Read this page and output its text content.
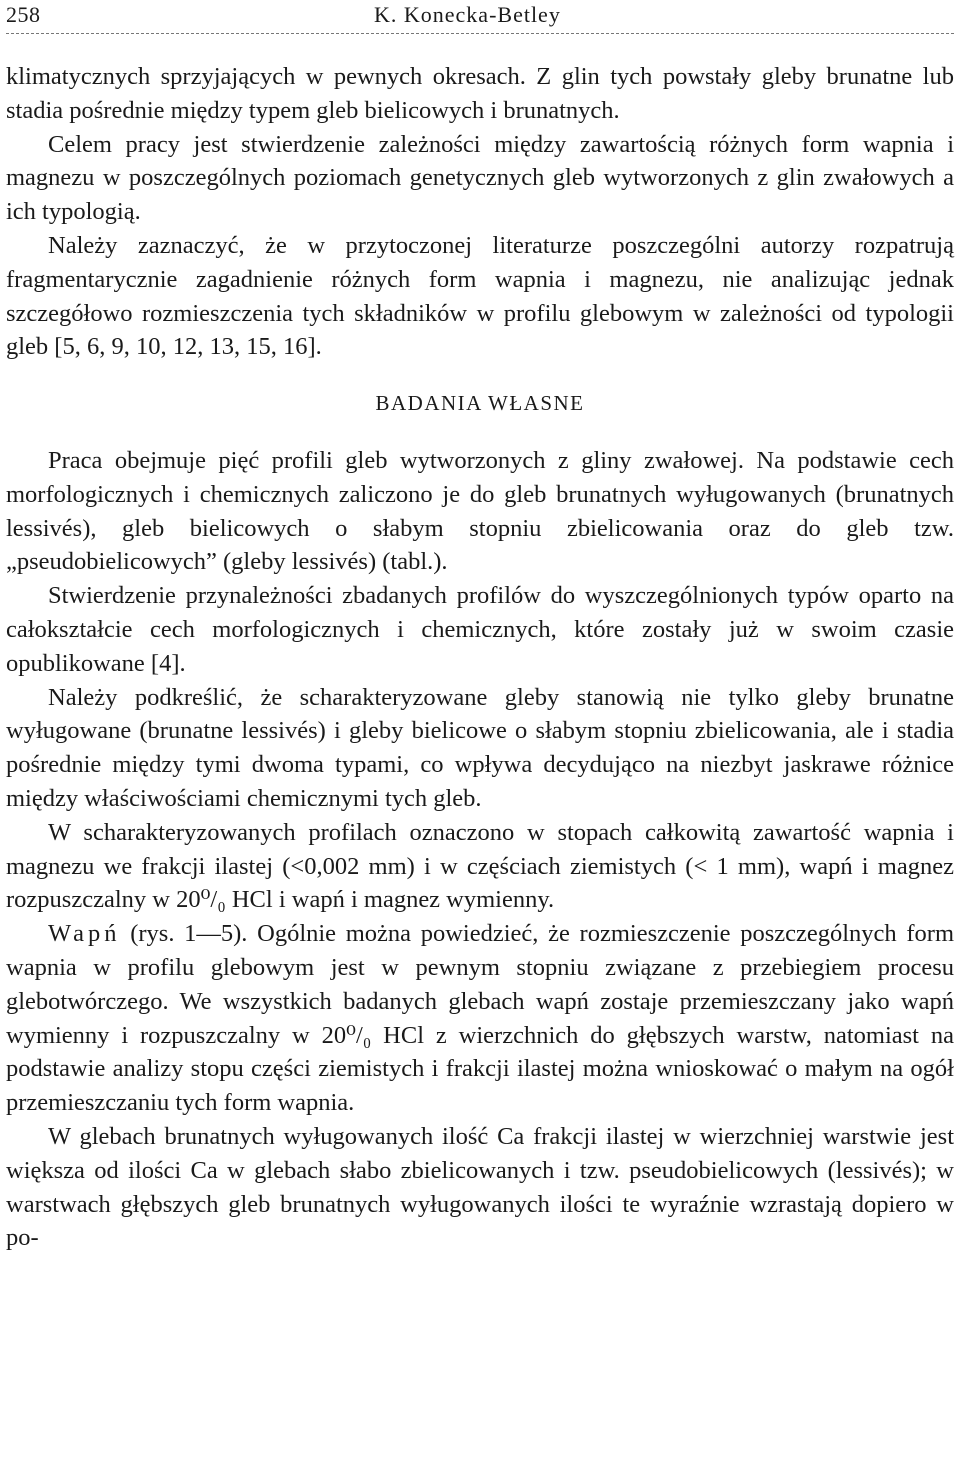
258	K. Konecka-Betley

klimatycznych sprzyjających w pewnych okresach. Z glin tych powstały gleby brunatne lub stadia pośrednie między typem gleb bielicowych i brunatnych.

Celem pracy jest stwierdzenie zależności między zawartością różnych form wapnia i magnezu w poszczególnych poziomach genetycznych gleb wytworzonych z glin zwałowych a ich typologią.

Należy zaznaczyć, że w przytoczonej literaturze poszczególni autorzy rozpatrują fragmentarycznie zagadnienie różnych form wapnia i magnezu, nie analizując jednak szczegółowo rozmieszczenia tych składników w profilu glebowym w zależności od typologii gleb [5, 6, 9, 10, 12, 13, 15, 16].

BADANIA WŁASNE

Praca obejmuje pięć profili gleb wytworzonych z gliny zwałowej. Na podstawie cech morfologicznych i chemicznych zaliczono je do gleb brunatnych wyługowanych (brunatnych lessivés), gleb bielicowych o słabym stopniu zbielicowania oraz do gleb tzw. „pseudobielicowych” (gleby lessivés) (tabl.).

Stwierdzenie przynależności zbadanych profilów do wyszczególnionych typów oparto na całokształcie cech morfologicznych i chemicznych, które zostały już w swoim czasie opublikowane [4].

Należy podkreślić, że scharakteryzowane gleby stanowią nie tylko gleby brunatne wyługowane (brunatne lessivés) i gleby bielicowe o słabym stopniu zbielicowania, ale i stadia pośrednie między tymi dwoma typami, co wpływa decydująco na niezbyt jaskrawe różnice między właściwościami chemicznymi tych gleb.

W scharakteryzowanych profilach oznaczono w stopach całkowitą zawartość wapnia i magnezu we frakcji ilastej (<0,002 mm) i w częściach ziemistych (< 1 mm), wapń i magnez rozpuszczalny w 20⁰/₀ HCl i wapń i magnez wymienny.

Wapń (rys. 1—5). Ogólnie można powiedzieć, że rozmieszczenie poszczególnych form wapnia w profilu glebowym jest w pewnym stopniu związane z przebiegiem procesu glebotwórczego. We wszystkich badanych glebach wapń zostaje przemieszczany jako wapń wymienny i rozpuszczalny w 20⁰/₀ HCl z wierzchnich do głębszych warstw, natomiast na podstawie analizy stopu części ziemistych i frakcji ilastej można wnioskować o małym na ogół przemieszczaniu tych form wapnia.

W glebach brunatnych wyługowanych ilość Ca frakcji ilastej w wierzchniej warstwie jest większa od ilości Ca w glebach słabo zbielicowanych i tzw. pseudobielicowych (lessivés); w warstwach głębszych gleb brunatnych wyługowanych ilości te wyraźnie wzrastają dopiero w po-
